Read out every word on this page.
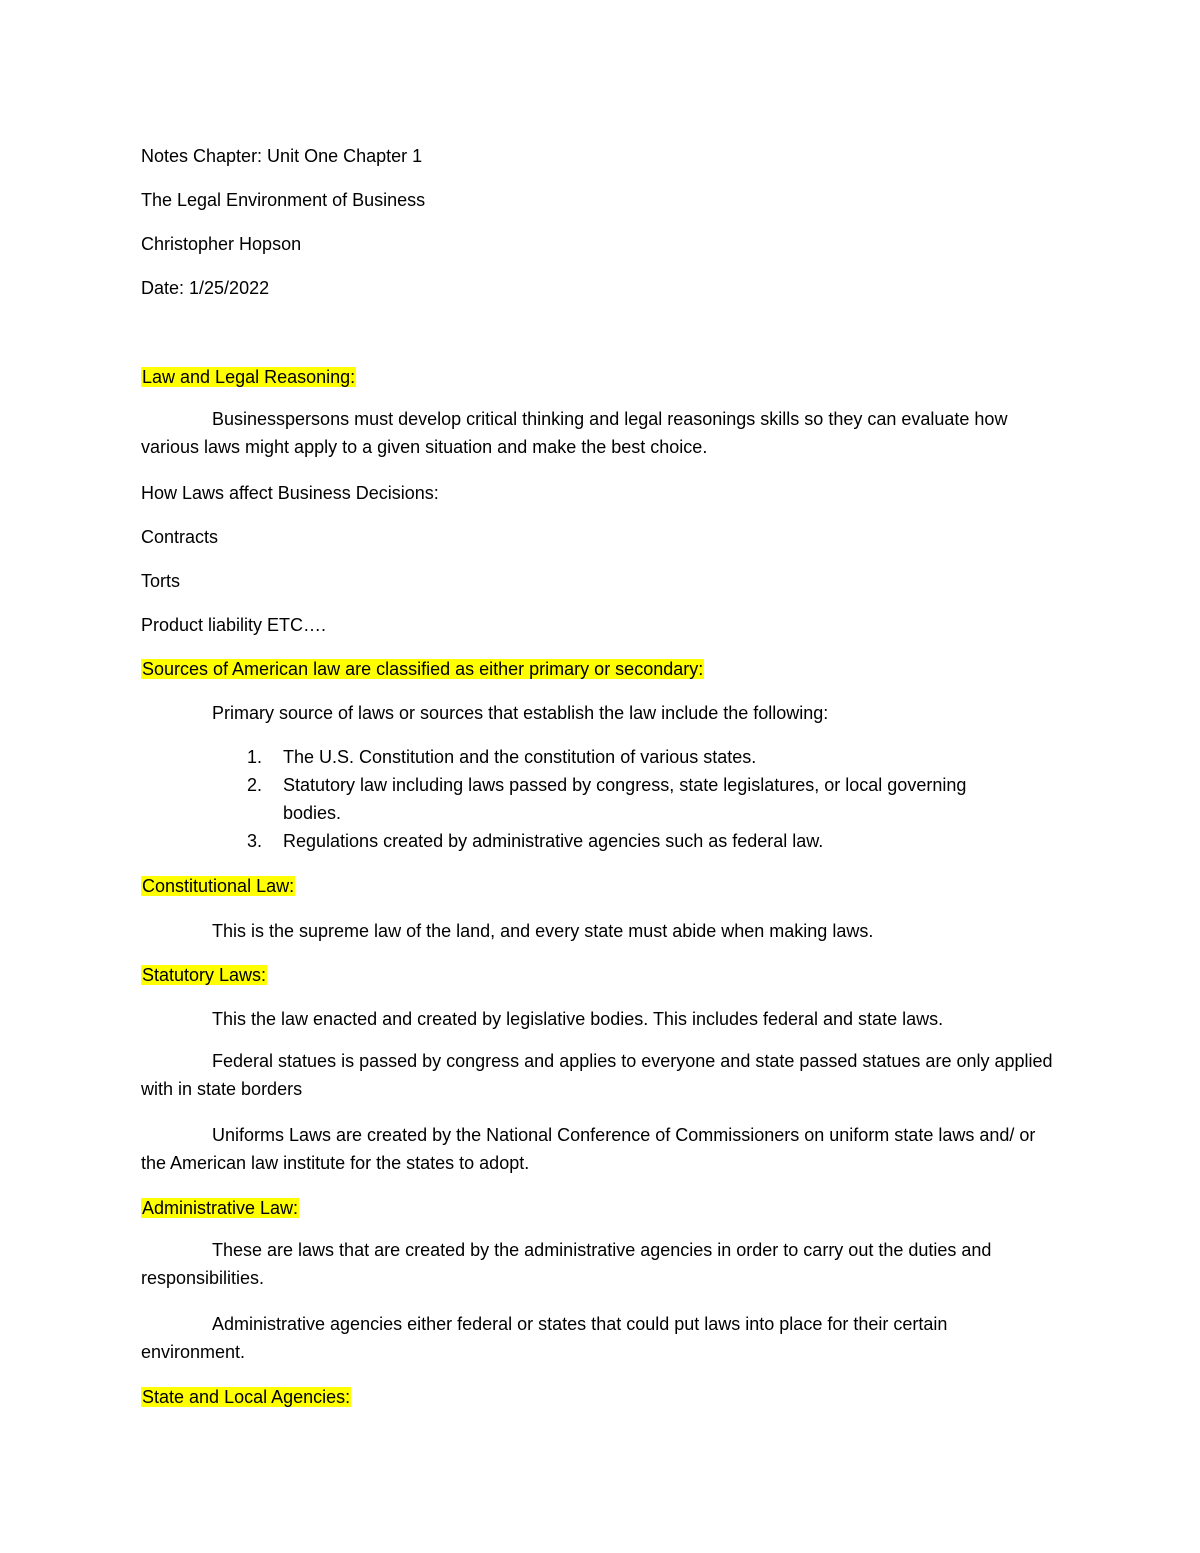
Notes Chapter: Unit One Chapter 1
The Legal Environment of Business
Christopher Hopson
Date: 1/25/2022
Law and Legal Reasoning:
Businesspersons must develop critical thinking and legal reasonings skills so they can evaluate how various laws might apply to a given situation and make the best choice.
How Laws affect Business Decisions:
Contracts
Torts
Product liability ETC….
Sources of American law are classified as either primary or secondary:
Primary source of laws or sources that establish the law include the following:
1.	The U.S. Constitution and the constitution of various states.
2.	Statutory law including laws passed by congress, state legislatures, or local governing bodies.
3.	Regulations created by administrative agencies such as federal law.
Constitutional Law:
This is the supreme law of the land, and every state must abide when making laws.
Statutory Laws:
This the law enacted and created by legislative bodies. This includes federal and state laws.
Federal statues is passed by congress and applies to everyone and state passed statues are only applied with in state borders
Uniforms Laws are created by the National Conference of Commissioners on uniform state laws and/ or the American law institute for the states to adopt.
Administrative Law:
These are laws that are created by the administrative agencies in order to carry out the duties and responsibilities.
Administrative agencies either federal or states that could put laws into place for their certain environment.
State and Local Agencies:
